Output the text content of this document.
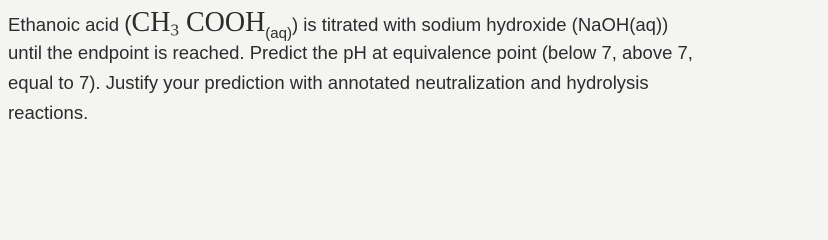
Ethanoic acid ( $CH_3$ $COOH_{(aq)}$ ) is titrated with sodium hydroxide (NaOH(aq))
until the endpoint is reached. Predict the pH at equivalence point (below 7, above 7,
equal to 7). Justify your prediction with annotated neutralization and hydrolysis
reactions.
